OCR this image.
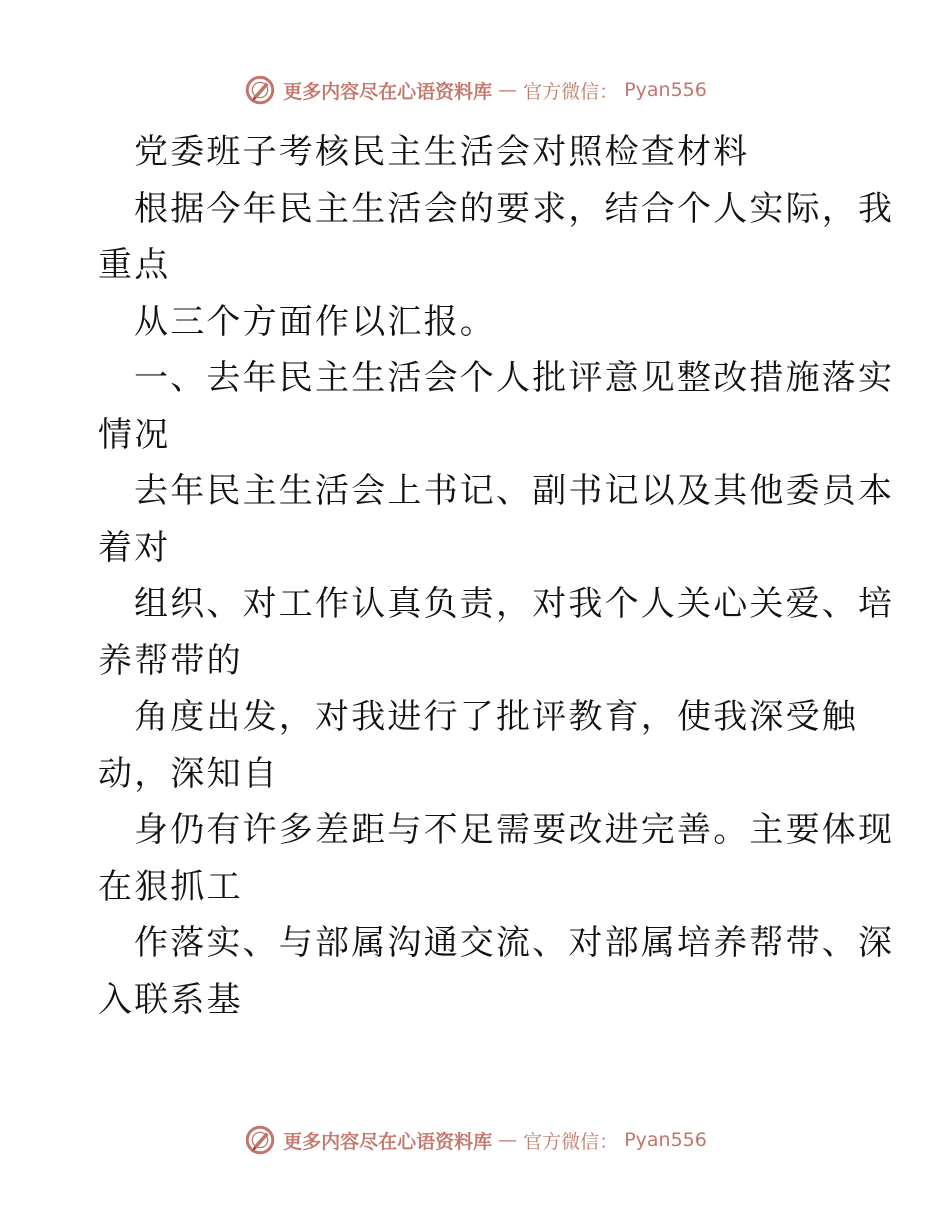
更多内容尽在心语资料库 — 官方微信： Pyan556
党委班子考核民主生活会对照检查材料
根据今年民主生活会的要求，结合个人实际，我
重点
从三个方面作以汇报。
一、去年民主生活会个人批评意见整改措施落实
情况
去年民主生活会上书记、副书记以及其他委员本
着对
组织、对工作认真负责，对我个人关心关爱、培
养帮带的
角度出发，对我进行了批评教育，使我深受触
动，深知自
身仍有许多差距与不足需要改进完善。主要体现
在狠抓工
作落实、与部属沟通交流、对部属培养帮带、深
入联系基
更多内容尽在心语资料库 — 官方微信： Pyan556
